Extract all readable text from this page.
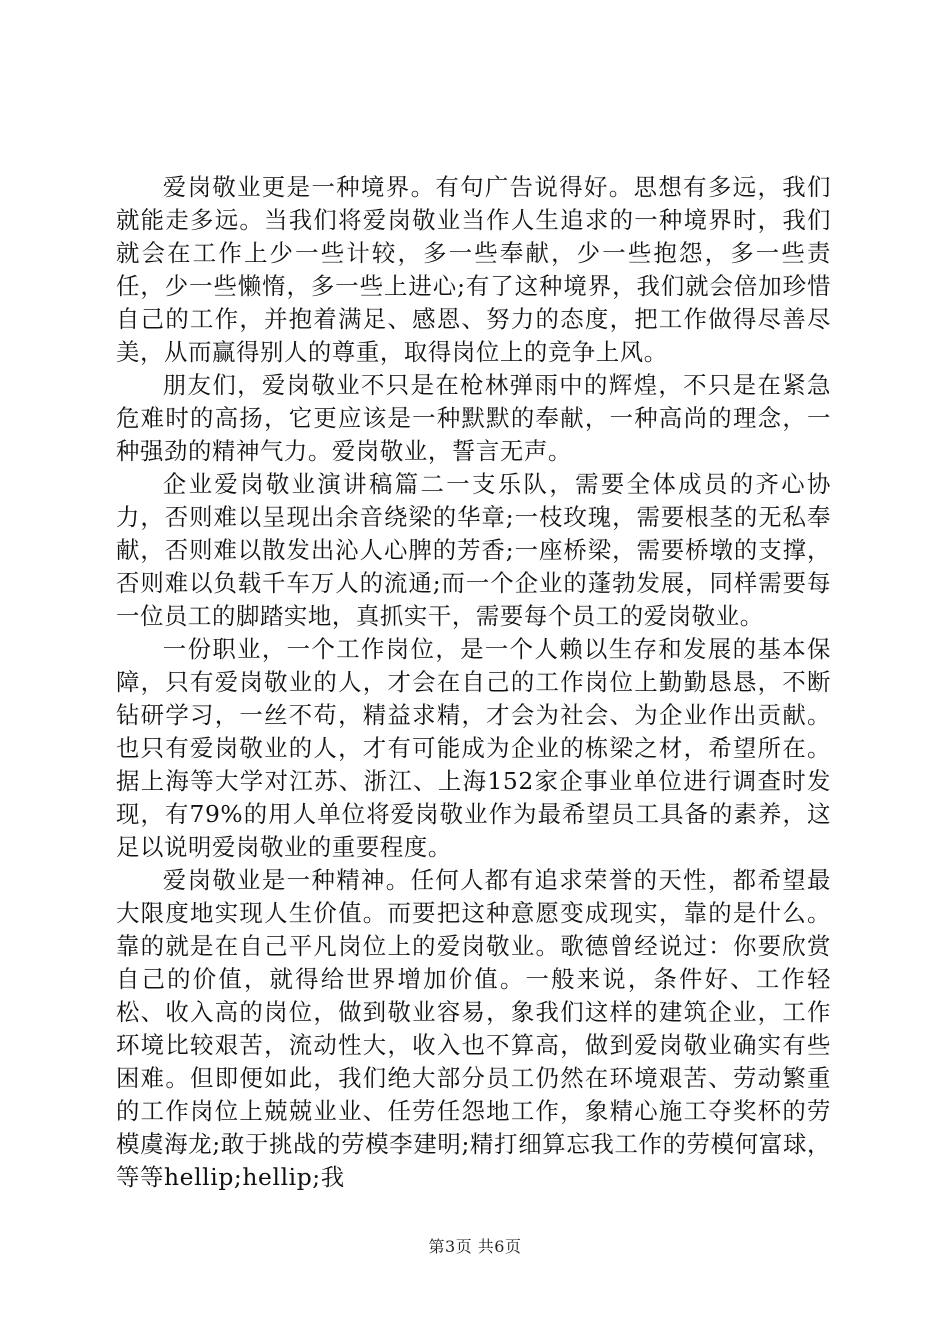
爱岗敬业更是一种境界。有句广告说得好。思想有多远，我们就能走多远。当我们将爱岗敬业当作人生追求的一种境界时，我们就会在工作上少一些计较，多一些奉献，少一些抱怨，多一些责任，少一些懒惰，多一些上进心;有了这种境界，我们就会倍加珍惜自己的工作，并抱着满足、感恩、努力的态度，把工作做得尽善尽美，从而赢得别人的尊重，取得岗位上的竞争上风。

朋友们，爱岗敬业不只是在枪林弹雨中的辉煌，不只是在紧急危难时的高扬，它更应该是一种默默的奉献，一种高尚的理念，一种强劲的精神气力。爱岗敬业，誓言无声。

企业爱岗敬业演讲稿篇二一支乐队，需要全体成员的齐心协力，否则难以呈现出余音绕梁的华章;一枝玫瑰，需要根茎的无私奉献，否则难以散发出沁人心脾的芳香;一座桥梁，需要桥墩的支撑，否则难以负载千车万人的流通;而一个企业的蓬勃发展，同样需要每一位员工的脚踏实地，真抓实干，需要每个员工的爱岗敬业。

一份职业，一个工作岗位，是一个人赖以生存和发展的基本保障，只有爱岗敬业的人，才会在自己的工作岗位上勤勤恳恳，不断钻研学习，一丝不苟，精益求精，才会为社会、为企业作出贡献。也只有爱岗敬业的人，才有可能成为企业的栋梁之材，希望所在。据上海等大学对江苏、浙江、上海152家企事业单位进行调查时发现，有79%的用人单位将爱岗敬业作为最希望员工具备的素养，这足以说明爱岗敬业的重要程度。

爱岗敬业是一种精神。任何人都有追求荣誉的天性，都希望最大限度地实现人生价值。而要把这种意愿变成现实，靠的是什么。靠的就是在自己平凡岗位上的爱岗敬业。歌德曾经说过：你要欣赏自己的价值，就得给世界增加价值。一般来说，条件好、工作轻松、收入高的岗位，做到敬业容易，象我们这样的建筑企业，工作环境比较艰苦，流动性大，收入也不算高，做到爱岗敬业确实有些困难。但即便如此，我们绝大部分员工仍然在环境艰苦、劳动繁重的工作岗位上兢兢业业、任劳任怨地工作，象精心施工夺奖杯的劳模虞海龙;敢于挑战的劳模李建明;精打细算忘我工作的劳模何富球，等等hellip;hellip;我

第3页 共6页
